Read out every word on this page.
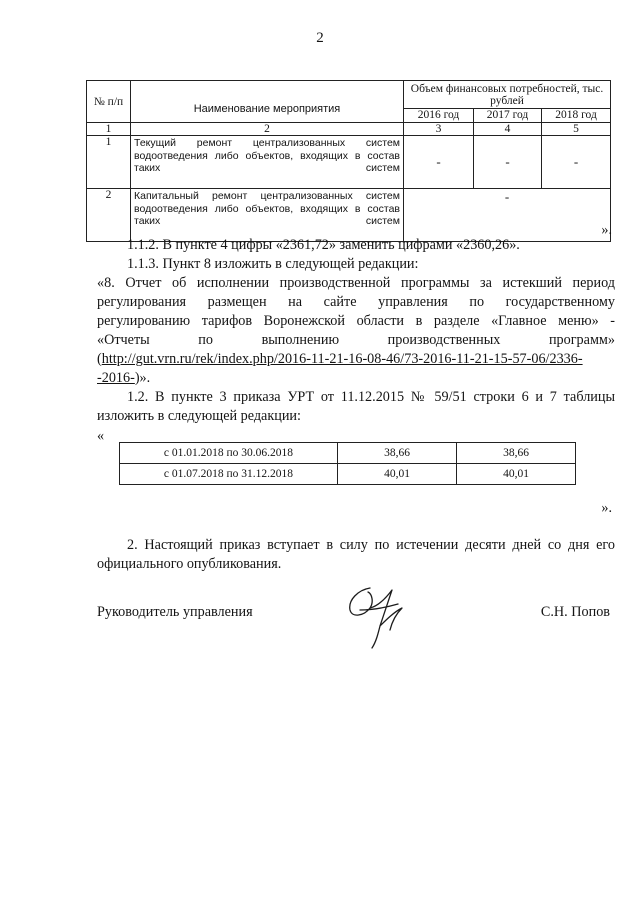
2
№ п/п	Наименование мероприятия	Объем финансовых потребностей, тыс. рублей		
		2016 год	2017 год	2018 год
1	2	3	4	5
1	Текущий ремонт централизованных систем водоотведения либо объектов, входящих в состав таких систем	-	-	-
2	Капитальный ремонт централизованных систем водоотведения либо объектов, входящих в состав таких систем	-		
».

1.1.2. В пункте 4 цифры «2361,72» заменить цифрами «2360,26».

1.1.3. Пункт 8 изложить в следующей редакции:

«8. Отчет об исполнении производственной программы за истекший период

регулирования размещен на сайте управления по государственному

регулированию тарифов Воронежской области в разделе «Главное меню» -

«Отчеты по выполнению производственных программ»

(http://gut.vrn.ru/rek/index.php/2016-11-21-16-08-46/73-2016-11-21-15-57-06/2336-

-2016-)».

1.2. В пункте 3 приказа УРТ от 11.12.2015 № 59/51 строки 6 и 7 таблицы изложить в следующей редакции:

«
с 01.01.2018 по 30.06.2018	38,66	38,66
с 01.07.2018 по 31.12.2018	40,01	40,01
».

2. Настоящий приказ вступает в силу по истечении десяти дней со дня его официального опубликования.

Руководитель управления	С.Н. Попов
